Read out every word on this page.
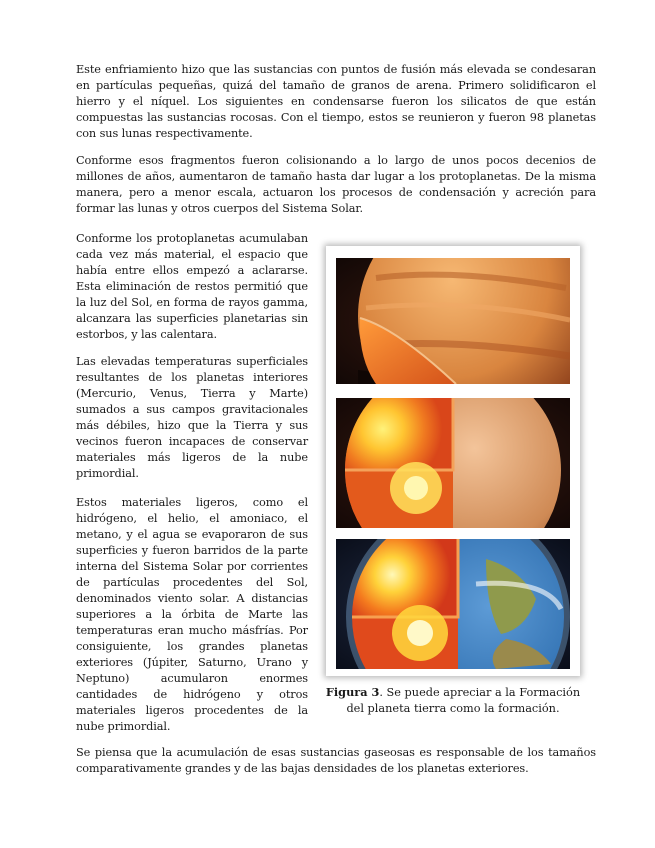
Este enfriamiento hizo que las sustancias con puntos de fusión más elevada se condesaran en partículas pequeñas, quizá del tamaño de granos de arena. Primero solidificaron el hierro y el níquel. Los siguientes en condensarse fueron los silicatos de que están compuestas las sustancias rocosas. Con el tiempo, estos se reunieron y fueron 98 planetas con sus lunas respectivamente.

Conforme esos fragmentos fueron colisionando a lo largo de unos pocos decenios de millones de años, aumentaron de tamaño hasta dar lugar a los protoplanetas. De la misma manera, pero a menor escala, actuaron los procesos de condensación y acreción para formar las lunas y otros cuerpos del Sistema Solar.

Conforme los protoplanetas acumulaban cada vez más material, el espacio que había entre ellos empezó a aclararse. Esta eliminación de restos permitió que la luz del Sol, en forma de rayos gamma, alcanzara las superficies planetarias sin estorbos, y las calentara.

Las elevadas temperaturas superficiales resultantes de los planetas interiores (Mercurio, Venus, Tierra y Marte) sumados a sus campos gravitacionales más débiles, hizo que la Tierra y sus vecinos fueron incapaces de conservar materiales más ligeros de la nube primordial.

Estos materiales ligeros, como el hidrógeno, el helio, el amoniaco, el metano, y el agua se evaporaron de sus superficies y fueron barridos de la parte interna del Sistema Solar por corrientes de partículas procedentes del Sol, denominados viento solar. A distancias superiores a la órbita de Marte las temperaturas eran mucho másfrías. Por consiguiente, los grandes planetas exteriores (Júpiter, Saturno, Urano y Neptuno) acumularon enormes cantidades de hidrógeno y otros materiales ligeros procedentes de la nube primordial.

Figura 3. Se puede apreciar a la Formación del planeta tierra como la formación.

Se piensa que la acumulación de esas sustancias gaseosas es responsable de los tamaños comparativamente grandes y de las bajas densidades de los planetas exteriores.
